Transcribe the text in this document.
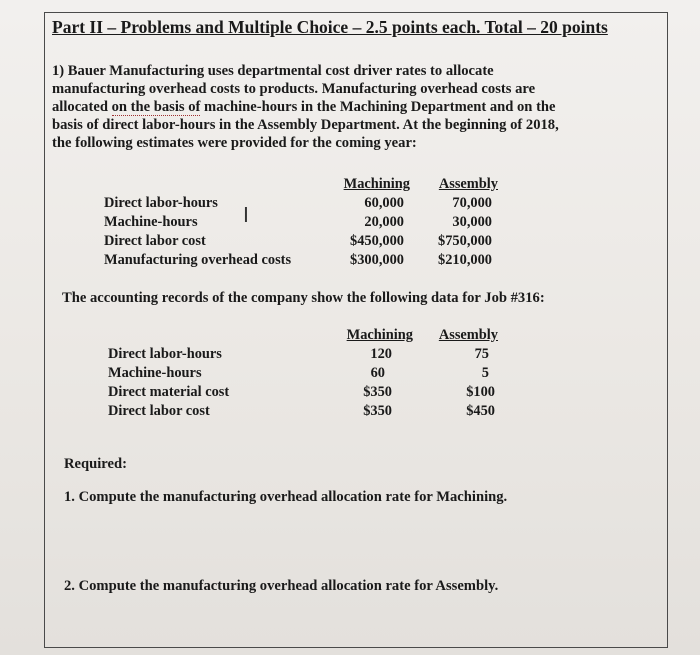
Part II – Problems and Multiple Choice – 2.5 points each. Total – 20 points
1) Bauer Manufacturing uses departmental cost driver rates to allocate
manufacturing overhead costs to products. Manufacturing overhead costs are
allocated on the basis of machine-hours in the Machining Department and on the
basis of direct labor-hours in the Assembly Department. At the beginning of 2018,
the following estimates were provided for the coming year:
Machining Assembly
Direct labor-hours	60,000	70,000
Machine-hours	20,000	30,000
Direct labor cost	$450,000 $750,000
Manufacturing overhead costs	$300,000 $210,000
I
The accounting records of the company show the following data for Job #316:
Machining Assembly
Direct labor-hours	120	75
Machine-hours	60	5
Direct material cost	$350	$100
Direct labor cost	$350	$450
Required:
1. Compute the manufacturing overhead allocation rate for Machining.
2. Compute the manufacturing overhead allocation rate for Assembly.
